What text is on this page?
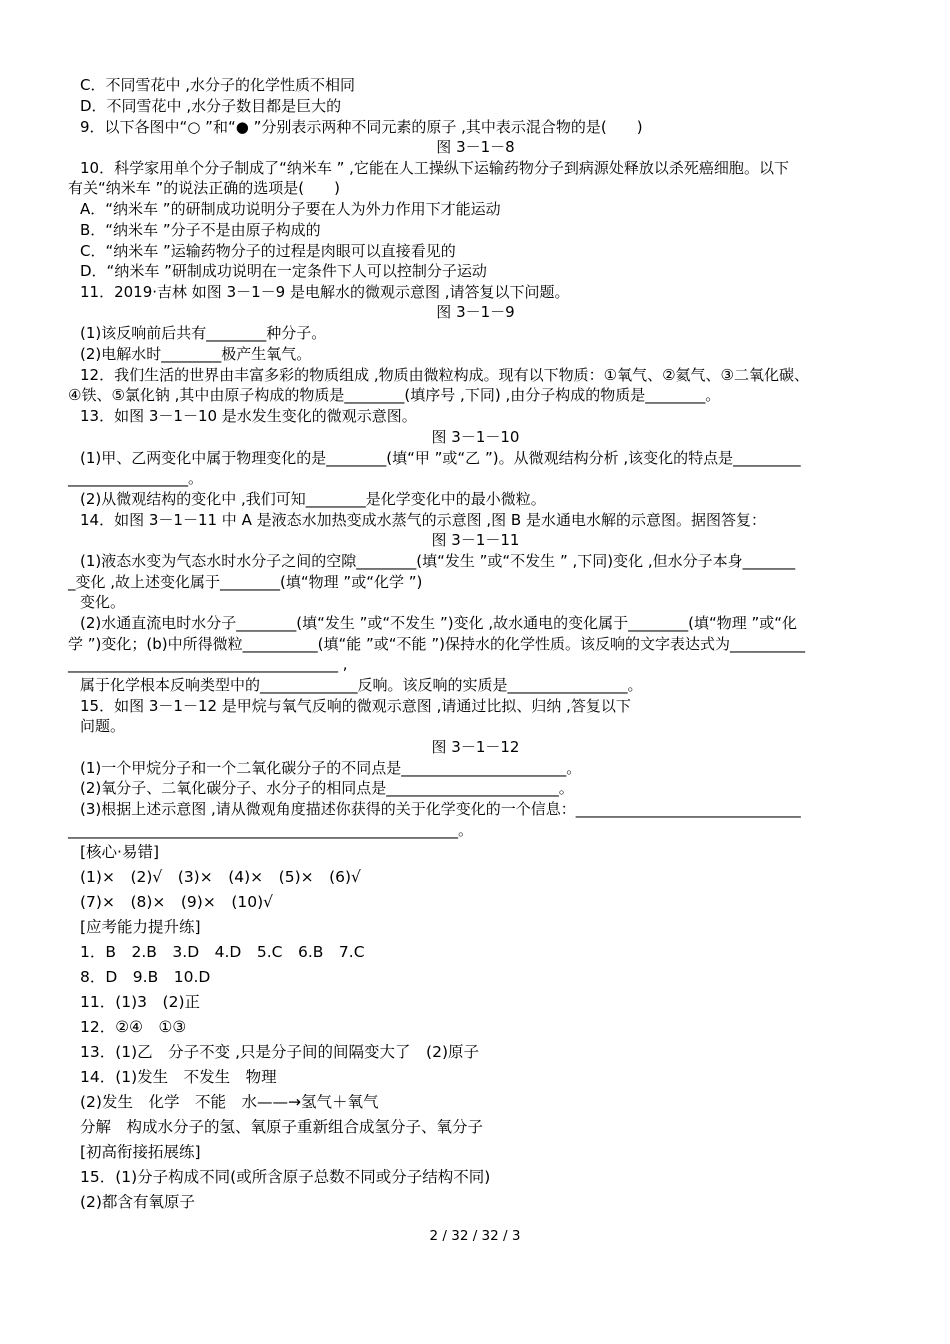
C．不同雪花中 ,水分子的化学性质不相同
D．不同雪花中 ,水分子数目都是巨大的
9．以下各图中“○ ”和“● ”分别表示两种不同元素的原子 ,其中表示混合物的是(　　)
图 3－1－8
10．科学家用单个分子制成了“纳米车 ” ,它能在人工操纵下运输药物分子到病源处释放以杀死癌细胞。以下
有关“纳米车 ”的说法正确的选项是(　　)
A．“纳米车 ”的研制成功说明分子要在人为外力作用下才能运动
B．“纳米车 ”分子不是由原子构成的
C．“纳米车 ”运输药物分子的过程是肉眼可以直接看见的
D．“纳米车 ”研制成功说明在一定条件下人可以控制分子运动
11．2019·吉林 如图 3－1－9 是电解水的微观示意图 ,请答复以下问题。
图 3－1－9
(1)该反响前后共有________种分子。
(2)电解水时________极产生氧气。
12．我们生活的世界由丰富多彩的物质组成 ,物质由微粒构成。现有以下物质：①氧气、②氦气、③二氧化碳、
④铁、⑤氯化钠 ,其中由原子构成的物质是________(填序号 ,下同) ,由分子构成的物质是________。
13．如图 3－1－10 是水发生变化的微观示意图。
图 3－1－10
(1)甲、乙两变化中属于物理变化的是________(填“甲 ”或“乙 ”)。从微观结构分析 ,该变化的特点是_________
________________。
(2)从微观结构的变化中 ,我们可知________是化学变化中的最小微粒。
14．如图 3－1－11 中 A 是液态水加热变成水蒸气的示意图 ,图 B 是水通电水解的示意图。据图答复：
图 3－1－11
(1)液态水变为气态水时水分子之间的空隙________(填“发生 ”或“不发生 ” ,下同)变化 ,但水分子本身_______
_变化 ,故上述变化属于________(填“物理 ”或“化学 ”)
变化。
(2)水通直流电时水分子________(填“发生 ”或“不发生 ”)变化 ,故水通电的变化属于________(填“物理 ”或“化
学 ”)变化；(b)中所得微粒__________(填“能 ”或“不能 ”)保持水的化学性质。该反响的文字表达式为__________
____________________________________ ,
属于化学根本反响类型中的_____________反响。该反响的实质是________________。
15．如图 3－1－12 是甲烷与氧气反响的微观示意图 ,请通过比拟、归纳 ,答复以下
问题。
图 3－1－12
(1)一个甲烷分子和一个二氧化碳分子的不同点是______________________。
(2)氧分子、二氧化碳分子、水分子的相同点是_______________________。
(3)根据上述示意图 ,请从微观角度描述你获得的关于化学变化的一个信息：______________________________
____________________________________________________。
[核心·易错]
(1)×　(2)√　(3)×　(4)×　(5)×　(6)√
(7)×　(8)×　(9)×　(10)√
[应考能力提升练]
1．B　2.B　3.D　4.D　5.C　6.B　7.C
8．D　9.B　10.D
11．(1)3　(2)正
12．②④　①③
13．(1)乙　分子不变 ,只是分子间的间隔变大了　(2)原子
14．(1)发生　不发生　物理
(2)发生　化学　不能　水——→氢气＋氧气
分解　构成水分子的氢、氧原子重新组合成氢分子、氧分子
[初高衔接拓展练]
15．(1)分子构成不同(或所含原子总数不同或分子结构不同)
(2)都含有氧原子
2 / 32 / 32 / 3
